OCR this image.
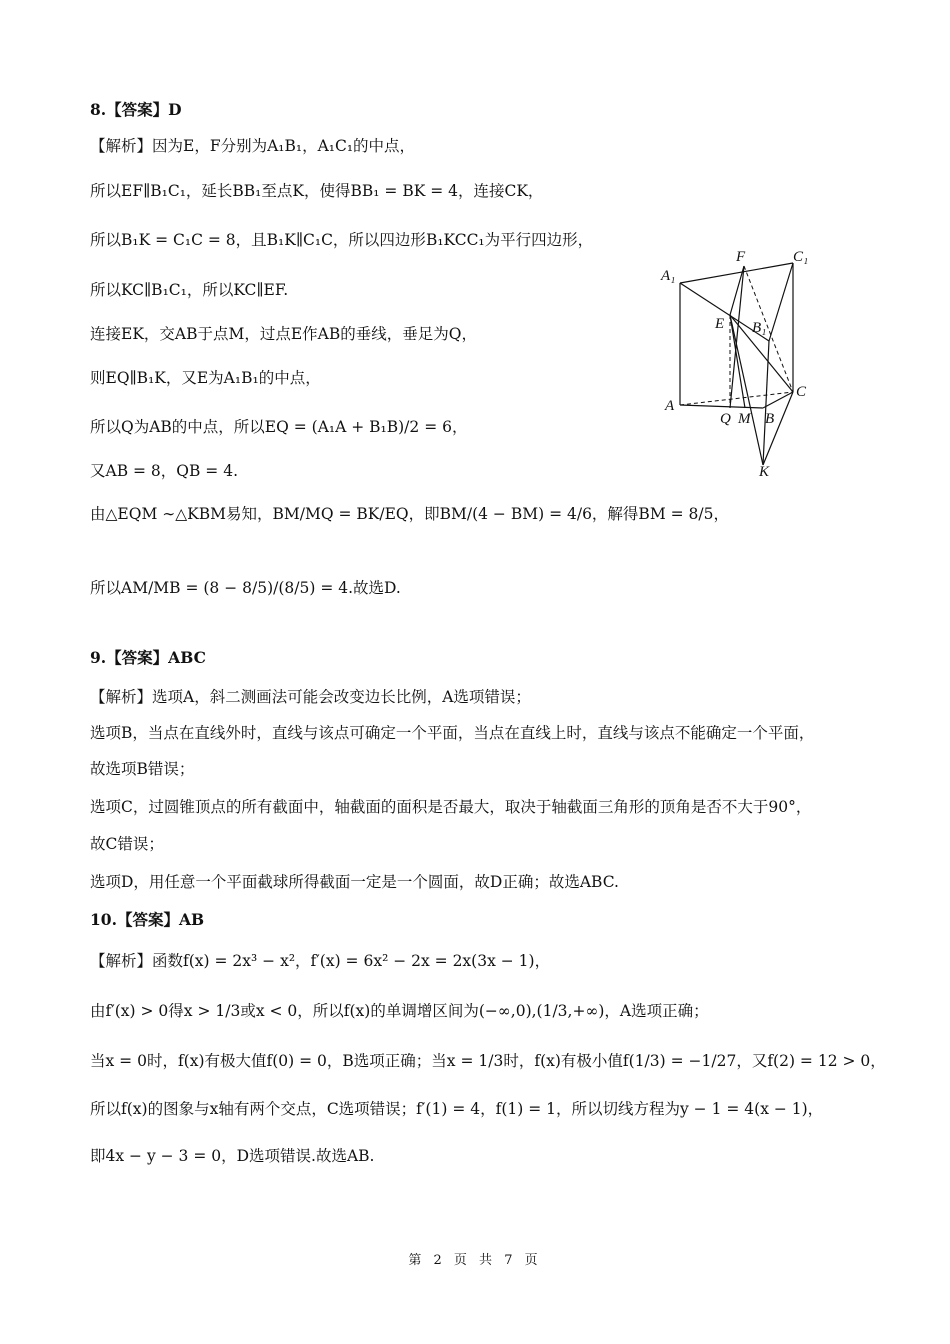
8.【答案】D
【解析】因为E，F分别为A₁B₁，A₁C₁的中点，
所以EF∥B₁C₁，延长BB₁至点K，使得BB₁ = BK = 4，连接CK，
所以B₁K = C₁C = 8，且B₁K∥C₁C，所以四边形B₁KCC₁为平行四边形，
所以KC∥B₁C₁，所以KC∥EF.
连接EK，交AB于点M，过点E作AB的垂线，垂足为Q，
则EQ∥B₁K，又E为A₁B₁的中点，
所以Q为AB的中点，所以EQ = (A₁A + B₁B)/2 = 6，
又AB = 8，QB = 4.
由△EQM ∼△KBM易知，BM/MQ = BK/EQ，即BM/(4 − BM) = 4/6，解得BM = 8/5，
所以AM/MB = (8 − 8/5)/(8/5) = 4.故选D.
9.【答案】ABC
【解析】选项A，斜二测画法可能会改变边长比例，A选项错误；
选项B，当点在直线外时，直线与该点可确定一个平面，当点在直线上时，直线与该点不能确定一个平面，
故选项B错误；
选项C，过圆锥顶点的所有截面中，轴截面的面积是否最大，取决于轴截面三角形的顶角是否不大于90°，
故C错误；
选项D，用任意一个平面截球所得截面一定是一个圆面，故D正确；故选ABC.
10.【答案】AB
【解析】函数f(x) = 2x³ − x²，f′(x) = 6x² − 2x = 2x(3x − 1)，
由f′(x) > 0得x > 1/3或x < 0，所以f(x)的单调增区间为(−∞,0),(1/3,+∞)，A选项正确；
当x = 0时，f(x)有极大值f(0) = 0，B选项正确；当x = 1/3时，f(x)有极小值f(1/3) = −1/27，又f(2) = 12 > 0，
所以f(x)的图象与x轴有两个交点，C选项错误；f′(1) = 4，f(1) = 1，所以切线方程为y − 1 = 4(x − 1)，
即4x − y − 3 = 0，D选项错误.故选AB.
A₁
F	C₁
E B₁
A
C
Q M B
K
第 2 页 共 7 页
